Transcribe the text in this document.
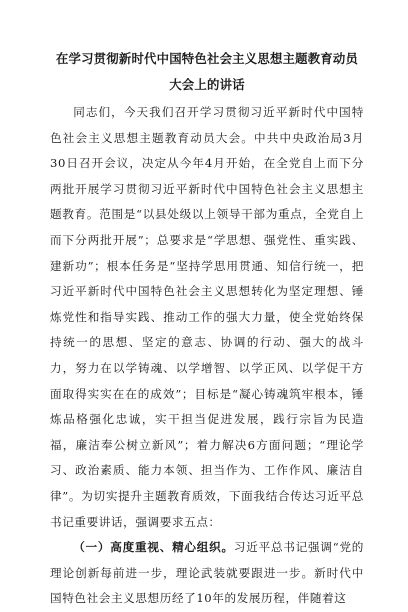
在学习贯彻新时代中国特色社会主义思想主题教育动员大会上的讲话

同志们，今天我们召开学习贯彻习近平新时代中国特色社会主义思想主题教育动员大会。中共中央政治局3月30日召开会议，决定从今年4月开始，在全党自上而下分两批开展学习贯彻习近平新时代中国特色社会主义思想主题教育。范围是“以县处级以上领导干部为重点，全党自上而下分两批开展”；总要求是“学思想、强党性、重实践、建新功”；根本任务是“坚持学思用贯通、知信行统一，把习近平新时代中国特色社会主义思想转化为坚定理想、锤炼党性和指导实践、推动工作的强大力量，使全党始终保持统一的思想、坚定的意志、协调的行动、强大的战斗力，努力在以学铸魂、以学增智、以学正风、以学促干方面取得实实在在的成效”；目标是“凝心铸魂筑牢根本，锤炼品格强化忠诚，实干担当促进发展，践行宗旨为民造福，廉洁奉公树立新风”；着力解决6方面问题；“理论学习、政治素质、能力本领、担当作为、工作作风、廉洁自律”。为切实提升主题教育质效，下面我结合传达习近平总书记重要讲话，强调要求五点：

（一）高度重视、精心组织。习近平总书记强调“党的理论创新每前进一步，理论武装就要跟进一步。新时代中国特色社会主义思想历经了10年的发展历程，伴随着这
